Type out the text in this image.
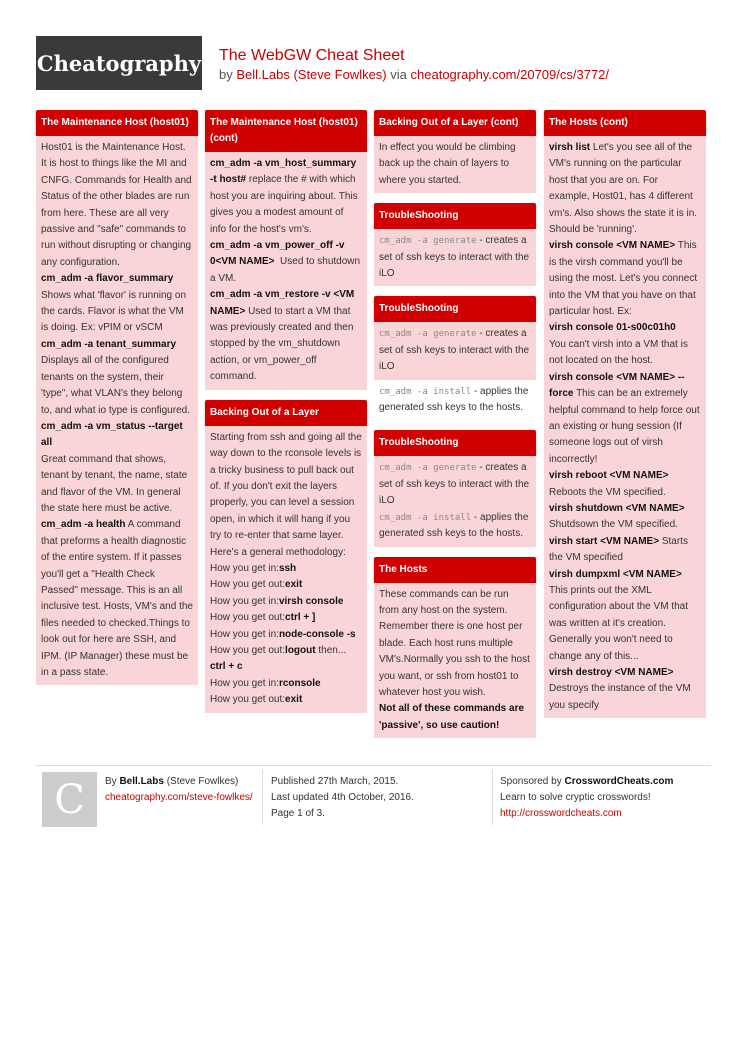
Cheatography The WebGW Cheat Sheet
by Bell.Labs (Steve Fowlkes) via cheatography.com/20709/cs/3772/
The Maintenance Host (host01)
Host01 is the Maintenance Host. It is host to things like the MI and CNFG. Commands for Health and Status of the other blades are run from here. These are all very passive and "safe" commands to run without disrupting or changing any configuration.
cm_adm -a flavor_summary
Shows what 'flavor' is running on the cards. Flavor is what the VM is doing. Ex: vPIM or vSCM
cm_adm -a tenant_summary
Displays all of the configured tenants on the system, their 'type", what VLAN's they belong to, and what io type is configured.
cm_adm -a vm_status --target all
Great command that shows, tenant by tenant, the name, state and flavor of the VM. In general the state here must be active.
cm_adm -a health A command that preforms a health diagnostic of the entire system. If it passes you'll get a "Health Check Passed" message. This is an all inclusive test. Hosts, VM's and the files needed to checked.Things to look out for here are SSH, and IPM. (IP Manager) these must be in a pass state.
The Maintenance Host (host01) (cont)
cm_adm -a vm_host_summary -t host# replace the # with which host you are inquiring about. This gives you a modest amount of info for the host's vm's.
cm_adm -a vm_power_off -v 0<VM NAME> Used to shutdown a VM.
cm_adm -a vm_restore -v <VM NAME> Used to start a VM that was previously created and then stopped by the vm_shutdown action, or vm_power_off command.
Backing Out of a Layer
Starting from ssh and going all the way down to the rconsole levels is a tricky business to pull back out of. If you don't exit the layers properly, you can level a session open, in which it will hang if you try to re-enter that same layer.
Here's a general methodology:
How you get in:ssh
How you get out:exit
How you get in:virsh console
How you get out:ctrl + ]
How you get in:node-console -s
How you get out:logout then... ctrl + c
How you get in:rconsole
How you get out:exit
Backing Out of a Layer (cont)
In effect you would be climbing back up the chain of layers to where you started.
TroubleShooting
cm_adm -a generate - creates a set of ssh keys to interact with the iLO
TroubleShooting
cm_adm -a generate - creates a set of ssh keys to interact with the iLO
cm_adm -a install - applies the generated ssh keys to the hosts.
TroubleShooting
cm_adm -a generate - creates a set of ssh keys to interact with the iLO
cm_adm -a install - applies the generated ssh keys to the hosts.
The Hosts
These commands can be run from any host on the system. Remember there is one host per blade. Each host runs multiple VM's.Normally you ssh to the host you want, or ssh from host01 to whatever host you wish.
Not all of these commands are 'passive', so use caution!
The Hosts (cont)
virsh list Let's you see all of the VM's running on the particular host that you are on. For example, Host01, has 4 different vm's. Also shows the state it is in. Should be 'running'.
virsh console <VM NAME> This is the virsh command you'll be using the most. Let's you connect into the VM that you have on that particular host. Ex:
virsh console 01-s00c01h0
You can't virsh into a VM that is not located on the host.
virsh console <VM NAME> --force This can be an extremely helpful command to help force out an existing or hung session (If someone logs out of virsh incorrectly!
virsh reboot <VM NAME> Reboots the VM specified.
virsh shutdown <VM NAME>
Shutdsown the VM specified.
virsh start <VM NAME> Starts the VM specified
virsh dumpxml <VM NAME> This prints out the XML configuration about the VM that was written at it's creation. Generally you won't need to change any of this...
virsh destroy <VM NAME>
Destroys the instance of the VM you specify
C	By Bell.Labs (Steve Fowlkes)
cheatography.com/steve-fowlkes/
Published 27th March, 2015.
Last updated 4th October, 2016.
Page 1 of 3.
Sponsored by CrosswordCheats.com
Learn to solve cryptic crosswords!
http://crosswordcheats.com
